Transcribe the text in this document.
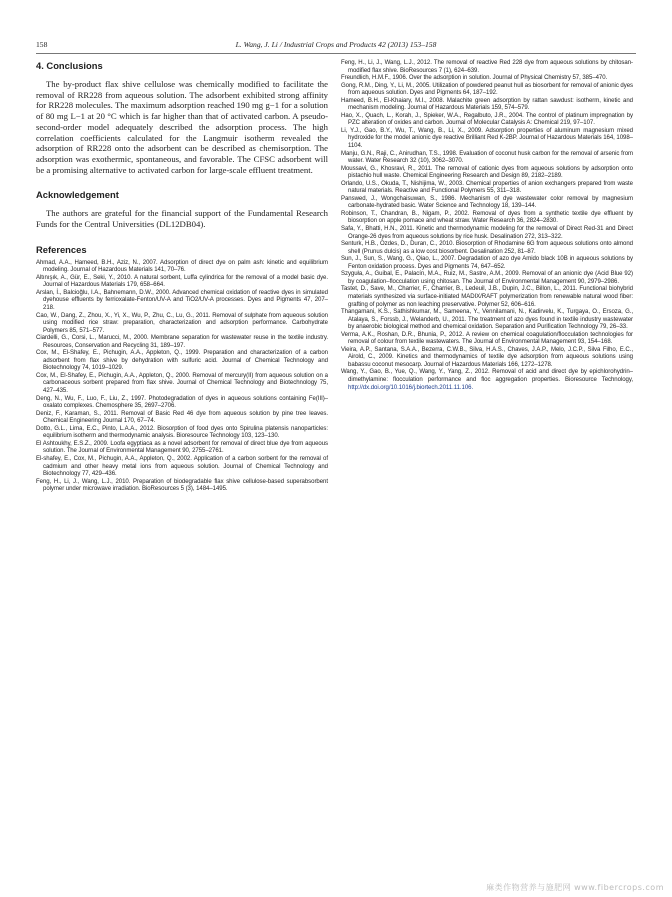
158	L. Wang, J. Li / Industrial Crops and Products 42 (2013) 153–158
4. Conclusions

The by-product flax shive cellulose was chemically modified to facilitate the removal of RR228 from aqueous solution. The adsorbent exhibited strong affinity for RR228 molecules. The maximum adsorption reached 190 mg g−1 for a solution of 80 mg L−1 at 20 °C which is far higher than that of activated carbon. A pseudo-second-order model adequately described the adsorption process. The high correlation coefficients calculated for the Langmuir isotherm revealed the adsorption of RR228 onto the adsorbent can be described as chemisorption. The adsorption was exothermic, spontaneous, and favorable. The CFSC adsorbent will be a promising alternative to activated carbon for large-scale effluent treatment.

Acknowledgement

The authors are grateful for the financial support of the Fundamental Research Funds for the Central Universities (DL12DB04).

References

Ahmad, A.A., Hameed, B.H., Aziz, N., 2007. Adsorption of direct dye on palm ash: kinetic and equilibrium modeling. Journal of Hazardous Materials 141, 70–76.

Altınışık, A., Gür, E., Seki, Y., 2010. A natural sorbent, Luffa cylindrica for the removal of a model basic dye. Journal of Hazardous Materials 179, 658–664.

Arslan, İ., Balcioğlu, I.A., Bahnemann, D.W., 2000. Advanced chemical oxidation of reactive dyes in simulated dyehouse effluents by ferrioxalate-Fenton/UV-A and TiO2/UV-A processes. Dyes and Pigments 47, 207–218.

Cao, W., Dang, Z., Zhou, X., Yi, X., Wu, P., Zhu, C., Lu, G., 2011. Removal of sulphate from aqueous solution using modified rice straw: preparation, characterization and adsorption performance. Carbohydrate Polymers 85, 571–577.

Ciardelli, G., Corsi, L., Marucci, M., 2000. Membrane separation for wastewater reuse in the textile industry. Resources, Conservation and Recycling 31, 189–197.

Cox, M., El-Shafey, E., Pichugin, A.A., Appleton, Q., 1999. Preparation and characterization of a carbon adsorbent from flax shive by dehydration with sulfuric acid. Journal of Chemical Technology and Biotechnology 74, 1019–1029.

Cox, M., El-Shafey, E., Pichugin, A.A., Appleton, Q., 2000. Removal of mercury(II) from aqueous solution on a carbonaceous sorbent prepared from flax shive. Journal of Chemical Technology and Biotechnology 75, 427–435.

Deng, N., Wu, F., Luo, F., Liu, Z., 1997. Photodegradation of dyes in aqueous solutions containing Fe(III)–oxalato complexes. Chemosphere 35, 2697–2706.

Deniz, F., Karaman, S., 2011. Removal of Basic Red 46 dye from aqueous solution by pine tree leaves. Chemical Engineering Journal 170, 67–74.

Dotto, G.L., Lima, E.C., Pinto, L.A.A., 2012. Biosorption of food dyes onto Spirulina platensis nanoparticles: equilibrium isotherm and thermodynamic analysis. Bioresource Technology 103, 123–130.

El Ashtoukhy, E.S.Z., 2009. Loofa egyptiaca as a novel adsorbent for removal of direct blue dye from aqueous solution. The Journal of Environmental Management 90, 2755–2761.

El-shafey, E., Cox, M., Pichugin, A.A., Appleton, Q., 2002. Application of a carbon sorbent for the removal of cadmium and other heavy metal ions from aqueous solution. Journal of Chemical Technology and Biotechnology 77, 429–436.

Feng, H., Li, J., Wang, L.J., 2010. Preparation of biodegradable flax shive cellulose-based superabsorbent polymer under microwave irradiation. BioResources 5 (3), 1484–1495.

Feng, H., Li, J., Wang, L.J., 2012. The removal of reactive Red 228 dye from aqueous solutions by chitosan-modified flax shive. BioResources 7 (1), 624–639.

Freundlich, H.M.F., 1906. Over the adsorption in solution. Journal of Physical Chemistry 57, 385–470.

Gong, R.M., Ding, Y., Li, M., 2005. Utilization of powdered peanut hull as biosorbent for removal of anionic dyes from aqueous solution. Dyes and Pigments 64, 187–192.

Hameed, B.H., El-Khaiary, M.I., 2008. Malachite green adsorption by rattan sawdust: isotherm, kinetic and mechanism modeling. Journal of Hazardous Materials 159, 574–579.

Hao, X., Quach, L., Korah, J., Spieker, W.A., Regalbuto, J.R., 2004. The control of platinum impregnation by PZC alteration of oxides and carbon. Journal of Molecular Catalysis A: Chemical 219, 97–107.

Li, Y.J., Gao, B.Y., Wu, T., Wang, B., Li, X., 2009. Adsorption properties of aluminum magnesium mixed hydroxide for the model anionic dye reactive Brilliant Red K-2BP. Journal of Hazardous Materials 164, 1098–1104.

Manju, G.N., Raji, C., Anirudhan, T.S., 1998. Evaluation of coconut husk carbon for the removal of arsenic from water. Water Research 32 (10), 3062–3070.

Moussavi, G., Khosravi, R., 2011. The removal of cationic dyes from aqueous solutions by adsorption onto pistachio hull waste. Chemical Engineering Research and Design 89, 2182–2189.

Orlando, U.S., Okuda, T., Nishijima, W., 2003. Chemical properties of anion exchangers prepared from waste natural materials. Reactive and Functional Polymers 55, 311–318.

Panswed, J., Wongchaisuwan, S., 1986. Mechanism of dye wastewater color removal by magnesium carbonate-hydrated basic. Water Science and Technology 18, 139–144.

Robinson, T., Chandran, B., Nigam, P., 2002. Removal of dyes from a synthetic textile dye effluent by biosorption on apple pomace and wheat straw. Water Research 36, 2824–2830.

Safa, Y., Bhatti, H.N., 2011. Kinetic and thermodynamic modeling for the removal of Direct Red-31 and Direct Orange-26 dyes from aqueous solutions by rice husk. Desalination 272, 313–322.

Senturk, H.B., Ozdes, D., Duran, C., 2010. Biosorption of Rhodamine 6G from aqueous solutions onto almond shell (Prunus dulcis) as a low cost biosorbent. Desalination 252, 81–87.

Sun, J., Sun, S., Wang, G., Qiao, L., 2007. Degradation of azo dye Amido black 10B in aqueous solutions by Fenton oxidation process. Dyes and Pigments 74, 647–652.

Szyguła, A., Guibal, E., Palacín, M.A., Ruiz, M., Sastre, A.M., 2009. Removal of an anionic dye (Acid Blue 92) by coagulation–flocculation using chitosan. The Journal of Environmental Management 90, 2979–2986.

Tastet, D., Save, M., Charrier, F., Charrier, B., Ledeuil, J.B., Dupin, J.C., Billon, L., 2011. Functional biohybrid materials synthesized via surface-initiated MADIX/RAFT polymerization from renewable natural wood fiber: grafting of polymer as non leaching preservative. Polymer 52, 606–616.

Thangamani, K.S., Sathishkumar, M., Sameena, Y., Vennilamani, N., Kadirvelu, K., Turgaya, O., Ersoza, G., Atalaya, S., Forssb, J., Welanderb, U., 2011. The treatment of azo dyes found in textile industry wastewater by anaerobic biological method and chemical oxidation. Separation and Purification Technology 79, 26–33.

Verma, A.K., Roshan, D.R., Bhunia, P., 2012. A review on chemical coagulation/flocculation technologies for removal of colour from textile wastewaters. The Journal of Environmental Management 93, 154–168.

Vieira, A.P., Santana, S.A.A., Bezerra, C.W.B., Silva, H.A.S., Chaves, J.A.P., Melo, J.C.P., Silva Filho, E.C., Airold, C., 2009. Kinetics and thermodynamics of textile dye adsorption from aqueous solutions using babassu coconut mesocarp. Journal of Hazardous Materials 166, 1272–1278.

Wang, Y., Gao, B., Yue, Q., Wang, Y., Yang, Z., 2012. Removal of acid and direct dye by epichlorohydrin–dimethylamine: flocculation performance and floc aggregation properties. Bioresource Technology, http://dx.doi.org/10.1016/j.biortech.2011.11.106.

麻类作物营养与施肥网 www.fibercrops.com
